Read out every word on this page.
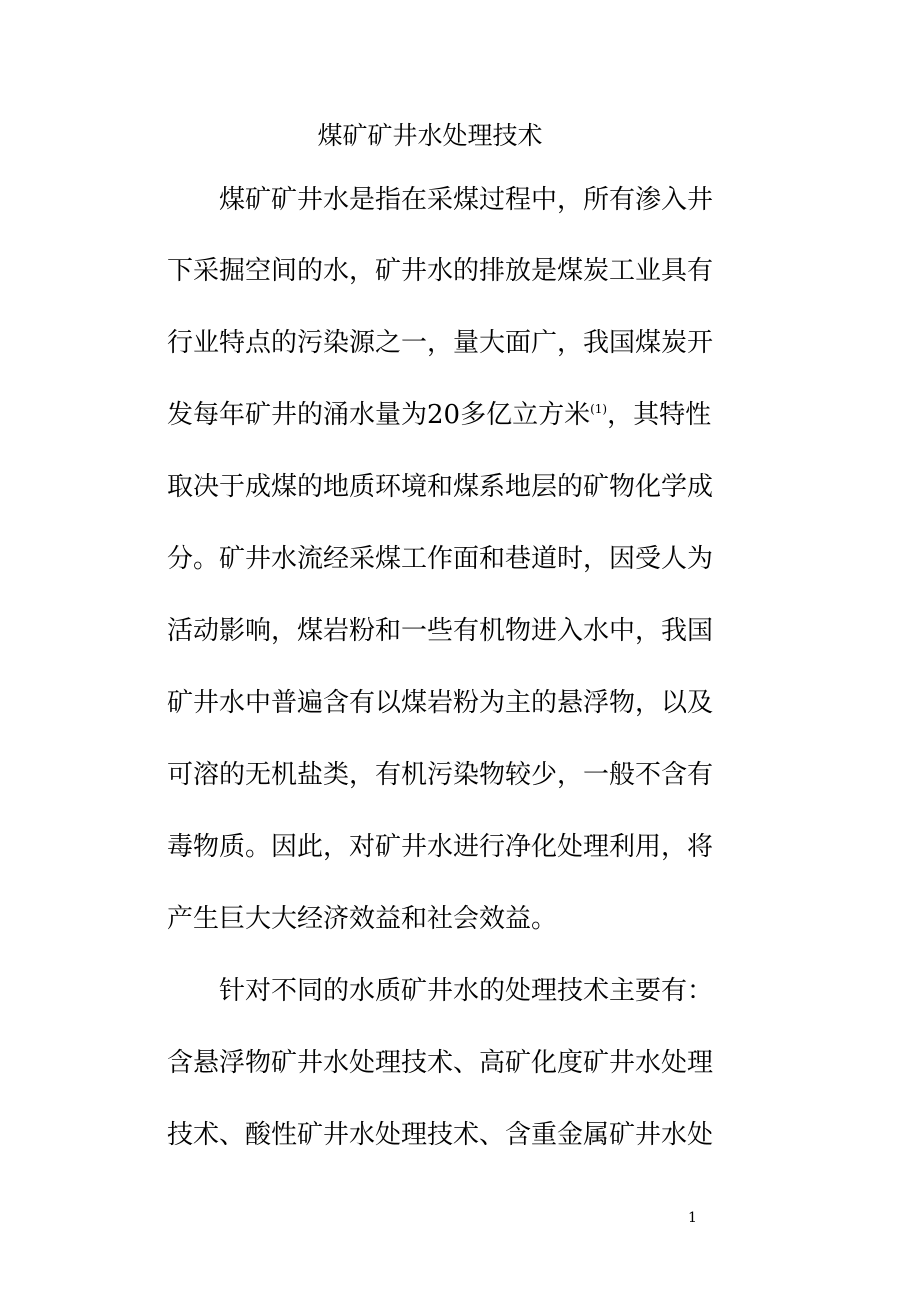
煤矿矿井水处理技术
煤矿矿井水是指在采煤过程中，所有渗入井
下采掘空间的水，矿井水的排放是煤炭工业具有
行业特点的污染源之一，量大面广，我国煤炭开
发每年矿井的涌水量为20多亿立方米$^{(1)}$，其特性
取决于成煤的地质环境和煤系地层的矿物化学成
分。矿井水流经采煤工作面和巷道时，因受人为
活动影响，煤岩粉和一些有机物进入水中，我国
矿井水中普遍含有以煤岩粉为主的悬浮物，以及
可溶的无机盐类，有机污染物较少，一般不含有
毒物质。因此，对矿井水进行净化处理利用，将
产生巨大大经济效益和社会效益。
针对不同的水质矿井水的处理技术主要有：
含悬浮物矿井水处理技术、高矿化度矿井水处理
技术、酸性矿井水处理技术、含重金属矿井水处
1
